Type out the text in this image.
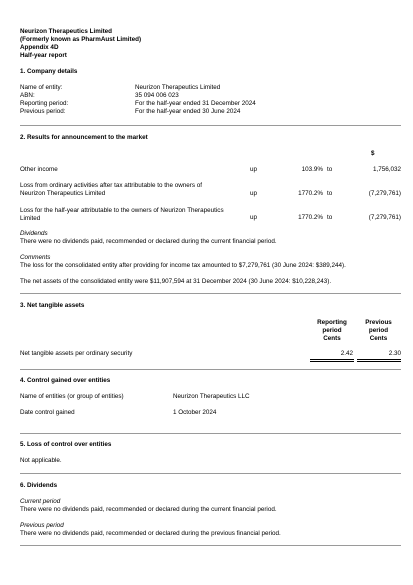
Neurizon Therapeutics Limited
(Formerly known as PharmAust Limited)
Appendix 4D
Half-year report
1. Company details
Name of entity:	Neurizon Therapeutics Limited
ABN:	35 094 006 023
Reporting period:	For the half-year ended 31 December 2024
Previous period:	For the half-year ended 30 June 2024
2. Results for announcement to the market
$
Other income	up	103.9% to	1,756,032
Loss from ordinary activities after tax attributable to the owners of
Neurizon Therapeutics Limited	up	1770.2% to	(7,279,761)
Loss for the half-year attributable to the owners of Neurizon Therapeutics
Limited	up	1770.2% to	(7,279,761)
Dividends
There were no dividends paid, recommended or declared during the current financial period.
Comments
The loss for the consolidated entity after providing for income tax amounted to $7,279,761 (30 June 2024: $389,244).
The net assets of the consolidated entity were $11,907,594 at 31 December 2024 (30 June 2024: $10,228,243).
3. Net tangible assets
Reporting
period
Cents
Previous
period
Cents
Net tangible assets per ordinary security	2.42	2.30
4. Control gained over entities
Name of entities (or group of entities)	Neurizon Therapeutics LLC
Date control gained	1 October 2024
5. Loss of control over entities
Not applicable.
6. Dividends
Current period
There were no dividends paid, recommended or declared during the current financial period.
Previous period
There were no dividends paid, recommended or declared during the previous financial period.
